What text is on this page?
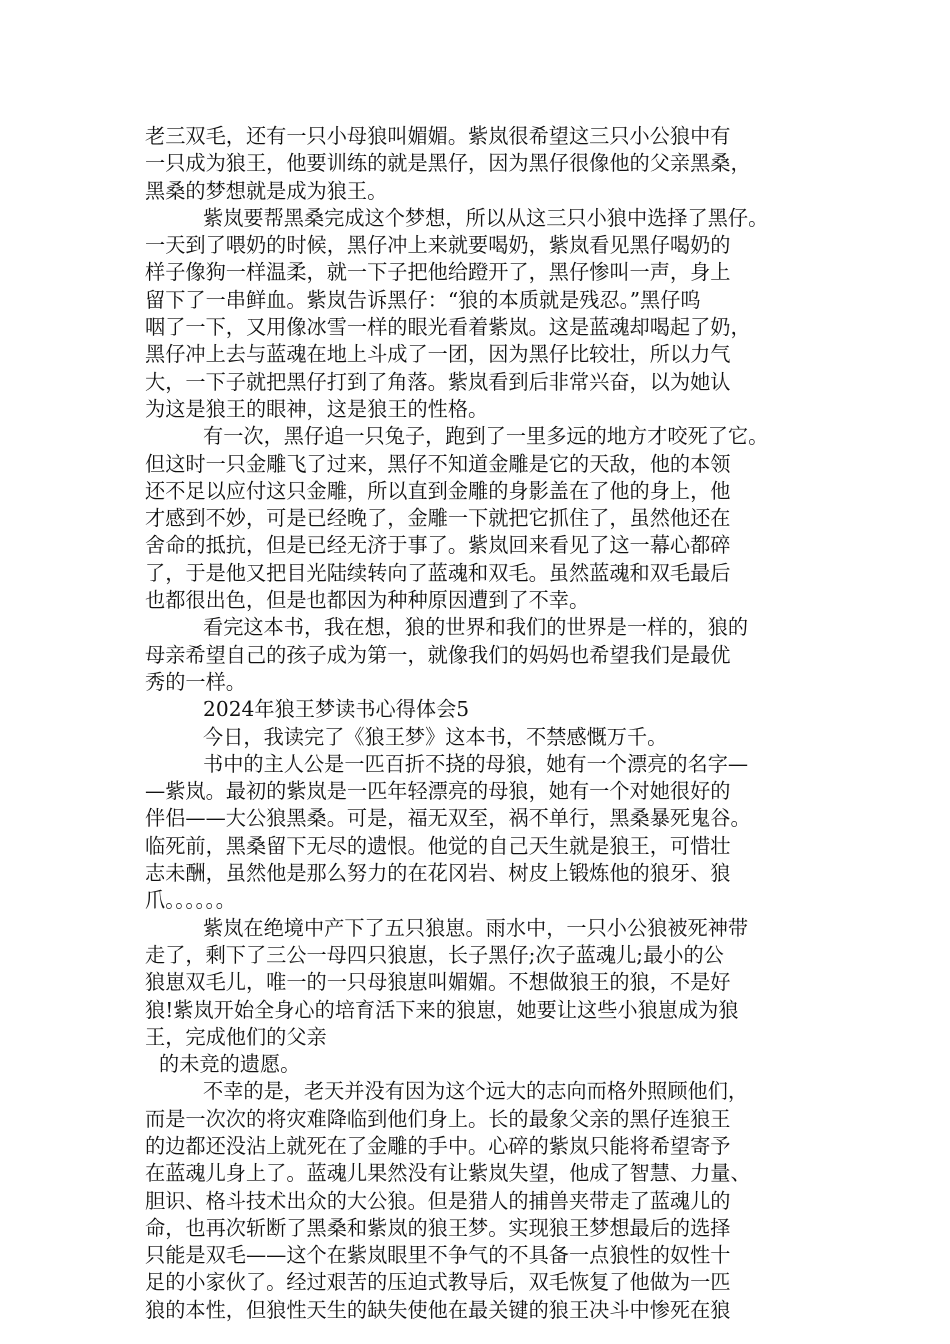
老三双毛，还有一只小母狼叫媚媚。紫岚很希望这三只小公狼中有
一只成为狼王，他要训练的就是黑仔，因为黑仔很像他的父亲黑桑，
黑桑的梦想就是成为狼王。
紫岚要帮黑桑完成这个梦想，所以从这三只小狼中选择了黑仔。
一天到了喂奶的时候，黑仔冲上来就要喝奶，紫岚看见黑仔喝奶的
样子像狗一样温柔，就一下子把他给蹬开了，黑仔惨叫一声，身上
留下了一串鲜血。紫岚告诉黑仔：“狼的本质就是残忍。”黑仔呜
咽了一下，又用像冰雪一样的眼光看着紫岚。这是蓝魂却喝起了奶，
黑仔冲上去与蓝魂在地上斗成了一团，因为黑仔比较壮，所以力气
大，一下子就把黑仔打到了角落。紫岚看到后非常兴奋，以为她认
为这是狼王的眼神，这是狼王的性格。
有一次，黑仔追一只兔子，跑到了一里多远的地方才咬死了它。
但这时一只金雕飞了过来，黑仔不知道金雕是它的天敌，他的本领
还不足以应付这只金雕，所以直到金雕的身影盖在了他的身上，他
才感到不妙，可是已经晚了，金雕一下就把它抓住了，虽然他还在
舍命的抵抗，但是已经无济于事了。紫岚回来看见了这一幕心都碎
了，于是他又把目光陆续转向了蓝魂和双毛。虽然蓝魂和双毛最后
也都很出色，但是也都因为种种原因遭到了不幸。
看完这本书，我在想，狼的世界和我们的世界是一样的，狼的
母亲希望自己的孩子成为第一，就像我们的妈妈也希望我们是最优
秀的一样。
2024年狼王梦读书心得体会5
今日，我读完了《狼王梦》这本书，不禁感慨万千。
书中的主人公是一匹百折不挠的母狼，她有一个漂亮的名字—
—紫岚。最初的紫岚是一匹年轻漂亮的母狼，她有一个对她很好的
伴侣——大公狼黑桑。可是，福无双至，祸不单行，黑桑暴死鬼谷。
临死前，黑桑留下无尽的遗恨。他觉的自己天生就是狼王，可惜壮
志未酬，虽然他是那么努力的在花冈岩、树皮上锻炼他的狼牙、狼
爪。。。。。。
紫岚在绝境中产下了五只狼崽。雨水中，一只小公狼被死神带
走了，剩下了三公一母四只狼崽，长子黑仔;次子蓝魂儿;最小的公
狼崽双毛儿，唯一的一只母狼崽叫媚媚。不想做狼王的狼，不是好
狼!紫岚开始全身心的培育活下来的狼崽，她要让这些小狼崽成为狼
王，完成他们的父亲
的未竞的遗愿。
不幸的是，老天并没有因为这个远大的志向而格外照顾他们，
而是一次次的将灾难降临到他们身上。长的最象父亲的黑仔连狼王
的边都还没沾上就死在了金雕的手中。心碎的紫岚只能将希望寄予
在蓝魂儿身上了。蓝魂儿果然没有让紫岚失望，他成了智慧、力量、
胆识、格斗技术出众的大公狼。但是猎人的捕兽夹带走了蓝魂儿的
命，也再次斩断了黑桑和紫岚的狼王梦。实现狼王梦想最后的选择
只能是双毛——这个在紫岚眼里不争气的不具备一点狼性的奴性十
足的小家伙了。经过艰苦的压迫式教导后，双毛恢复了他做为一匹
狼的本性，但狼性天生的缺失使他在最关键的狼王决斗中惨死在狼
